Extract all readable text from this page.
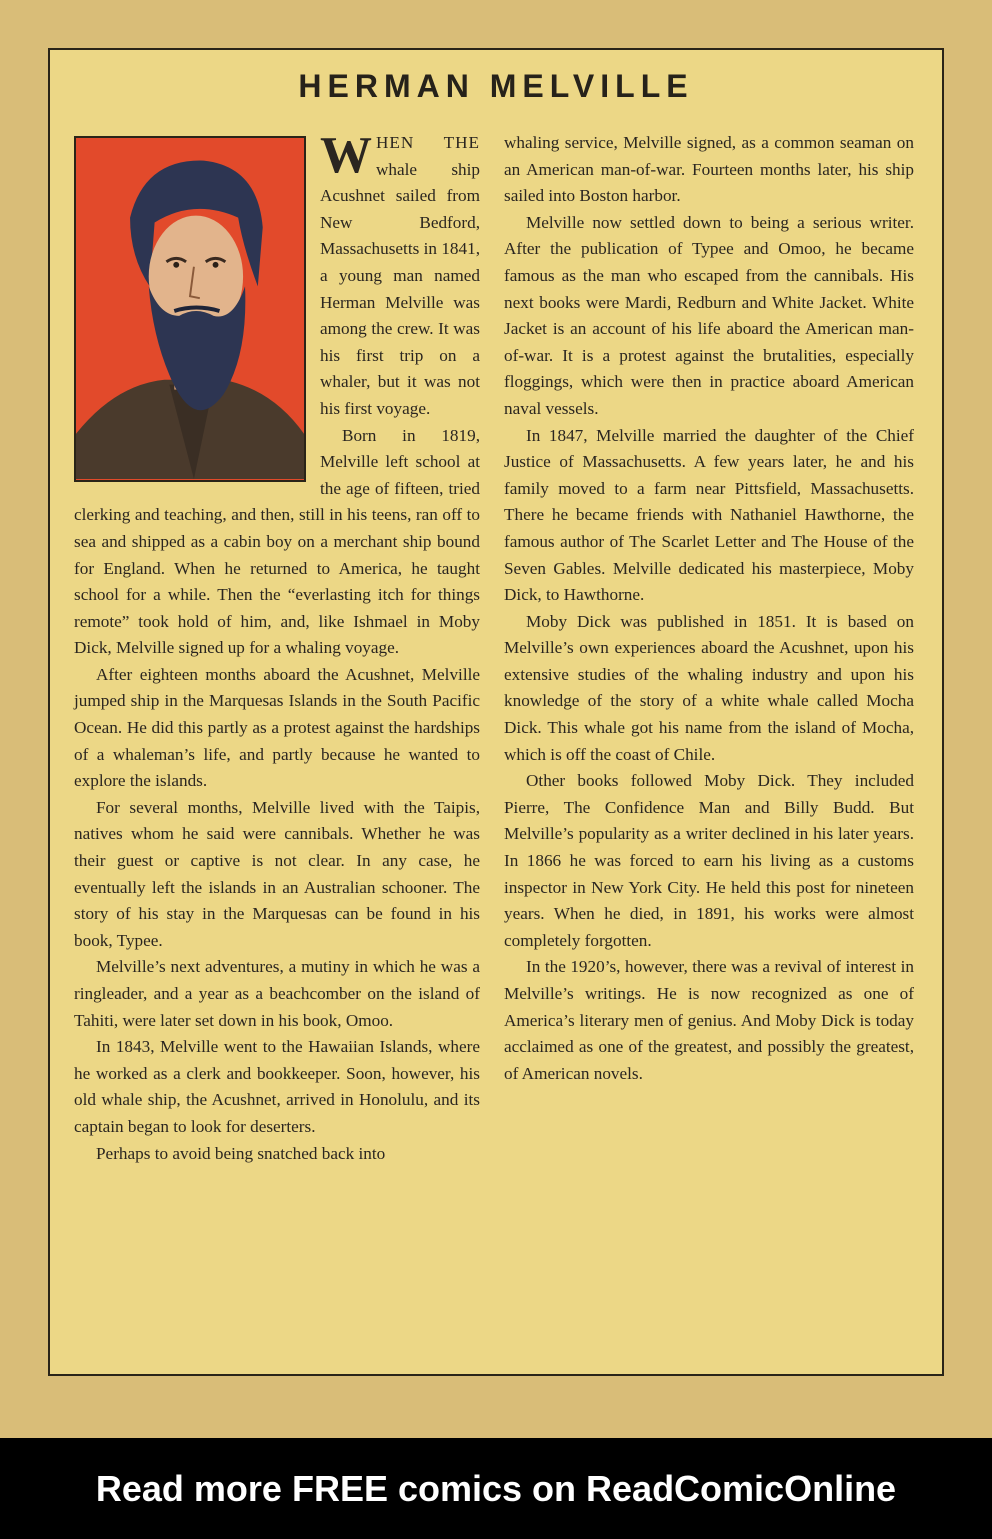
HERMAN MELVILLE

WHEN THE whale ship Acushnet sailed from New Bedford, Massachusetts in 1841, a young man named Herman Melville was among the crew. It was his first trip on a whaler, but it was not his first voyage.

Born in 1819, Melville left school at the age of fifteen, tried clerking and teaching, and then, still in his teens, ran off to sea and shipped as a cabin boy on a merchant ship bound for England. When he returned to America, he taught school for a while. Then the “everlasting itch for things remote” took hold of him, and, like Ishmael in Moby Dick, Melville signed up for a whaling voyage.

After eighteen months aboard the Acushnet, Melville jumped ship in the Marquesas Islands in the South Pacific Ocean. He did this partly as a protest against the hardships of a whaleman’s life, and partly because he wanted to explore the islands.

For several months, Melville lived with the Taipis, natives whom he said were cannibals. Whether he was their guest or captive is not clear. In any case, he eventually left the islands in an Australian schooner. The story of his stay in the Marquesas can be found in his book, Typee.

Melville’s next adventures, a mutiny in which he was a ringleader, and a year as a beachcomber on the island of Tahiti, were later set down in his book, Omoo.

In 1843, Melville went to the Hawaiian Islands, where he worked as a clerk and bookkeeper. Soon, however, his old whale ship, the Acushnet, arrived in Honolulu, and its captain began to look for deserters.

Perhaps to avoid being snatched back into

whaling service, Melville signed, as a common seaman on an American man-of-war. Fourteen months later, his ship sailed into Boston harbor.

Melville now settled down to being a serious writer. After the publication of Typee and Omoo, he became famous as the man who escaped from the cannibals. His next books were Mardi, Redburn and White Jacket. White Jacket is an account of his life aboard the American man-of-war. It is a protest against the brutalities, especially floggings, which were then in practice aboard American naval vessels.

In 1847, Melville married the daughter of the Chief Justice of Massachusetts. A few years later, he and his family moved to a farm near Pittsfield, Massachusetts. There he became friends with Nathaniel Hawthorne, the famous author of The Scarlet Letter and The House of the Seven Gables. Melville dedicated his masterpiece, Moby Dick, to Hawthorne.

Moby Dick was published in 1851. It is based on Melville’s own experiences aboard the Acushnet, upon his extensive studies of the whaling industry and upon his knowledge of the story of a white whale called Mocha Dick. This whale got his name from the island of Mocha, which is off the coast of Chile.

Other books followed Moby Dick. They included Pierre, The Confidence Man and Billy Budd. But Melville’s popularity as a writer declined in his later years. In 1866 he was forced to earn his living as a customs inspector in New York City. He held this post for nineteen years. When he died, in 1891, his works were almost completely forgotten.

In the 1920’s, however, there was a revival of interest in Melville’s writings. He is now recognized as one of America’s literary men of genius. And Moby Dick is today acclaimed as one of the greatest, and possibly the greatest, of American novels.

Read more FREE comics on ReadComicOnline
